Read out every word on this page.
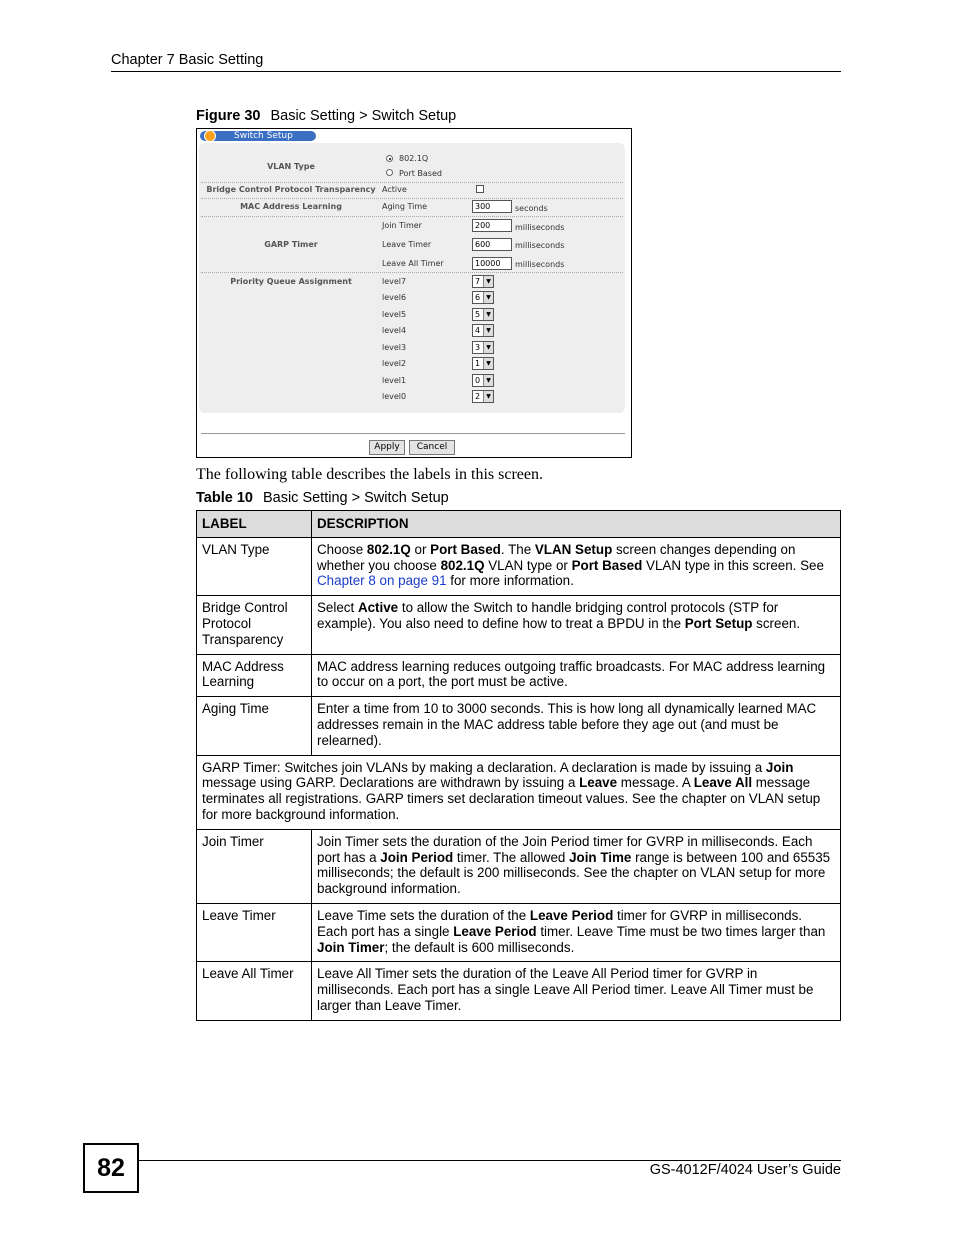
Chapter 7 Basic Setting
Figure 30 Basic Setting > Switch Setup
Switch Setup
VLAN Type
802.1Q
Port Based
Bridge Control Protocol Transparency Active
MAC Address Learning	Aging Time	300	seconds
GARP Timer
Join Timer	200	milliseconds
Leave Timer	600	milliseconds
Leave All Timer	10000	milliseconds
Priority Queue Assignment	level7	7	▼
level6	6	▼
level5	5	▼
level4	4	▼
level3	3	▼
level2	1	▼
level1	0	▼
level0	2	▼
Apply	Cancel
The following table describes the labels in this screen.
Table 10 Basic Setting > Switch Setup
LABEL	DESCRIPTION
VLAN Type	Choose 802.1Q or Port Based. The VLAN Setup screen changes depending on whether you choose 802.1Q VLAN type or Port Based VLAN type in this screen. See Chapter 8 on page 91 for more information.
Bridge Control Protocol Transparency	Select Active to allow the Switch to handle bridging control protocols (STP for example). You also need to define how to treat a BPDU in the Port Setup screen.
MAC Address Learning	MAC address learning reduces outgoing traffic broadcasts. For MAC address learning to occur on a port, the port must be active.
Aging Time	Enter a time from 10 to 3000 seconds. This is how long all dynamically learned MAC addresses remain in the MAC address table before they age out (and must be relearned).
GARP Timer: Switches join VLANs by making a declaration. A declaration is made by issuing a Join message using GARP. Declarations are withdrawn by issuing a Leave message. A Leave All message terminates all registrations. GARP timers set declaration timeout values. See the chapter on VLAN setup for more background information.	
Join Timer	Join Timer sets the duration of the Join Period timer for GVRP in milliseconds. Each port has a Join Period timer. The allowed Join Time range is between 100 and 65535 milliseconds; the default is 200 milliseconds. See the chapter on VLAN setup for more background information.
Leave Timer	Leave Time sets the duration of the Leave Period timer for GVRP in milliseconds. Each port has a single Leave Period timer. Leave Time must be two times larger than Join Timer; the default is 600 milliseconds.
Leave All Timer	Leave All Timer sets the duration of the Leave All Period timer for GVRP in milliseconds. Each port has a single Leave All Period timer. Leave All Timer must be larger than Leave Timer.
82	GS-4012F/4024 User’s Guide
